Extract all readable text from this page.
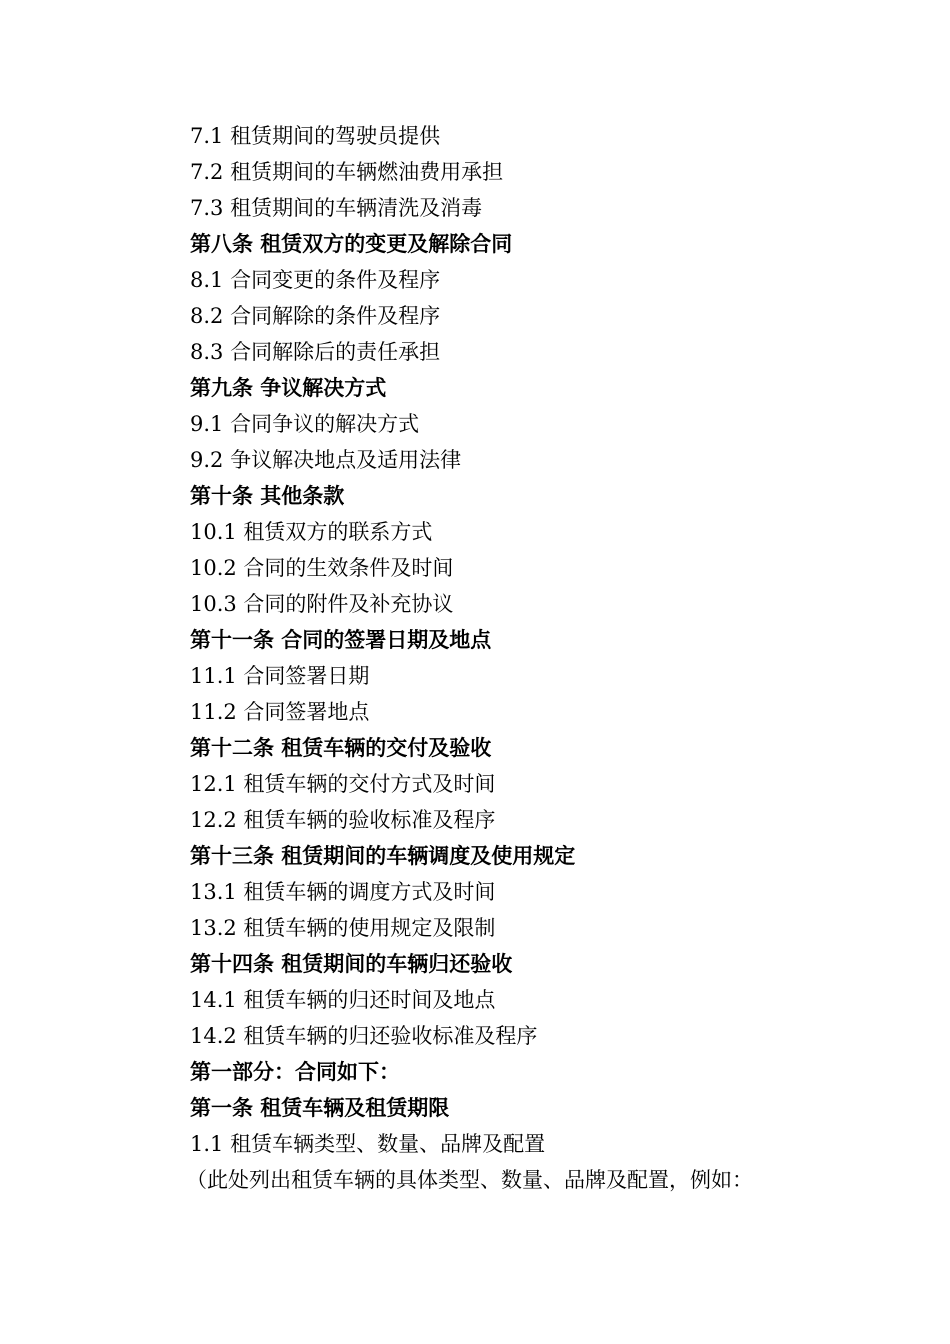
7.1 租赁期间的驾驶员提供
7.2 租赁期间的车辆燃油费用承担
7.3 租赁期间的车辆清洗及消毒
第八条 租赁双方的变更及解除合同
8.1 合同变更的条件及程序
8.2 合同解除的条件及程序
8.3 合同解除后的责任承担
第九条 争议解决方式
9.1 合同争议的解决方式
9.2 争议解决地点及适用法律
第十条 其他条款
10.1 租赁双方的联系方式
10.2 合同的生效条件及时间
10.3 合同的附件及补充协议
第十一条 合同的签署日期及地点
11.1 合同签署日期
11.2 合同签署地点
第十二条 租赁车辆的交付及验收
12.1 租赁车辆的交付方式及时间
12.2 租赁车辆的验收标准及程序
第十三条 租赁期间的车辆调度及使用规定
13.1 租赁车辆的调度方式及时间
13.2 租赁车辆的使用规定及限制
第十四条 租赁期间的车辆归还验收
14.1 租赁车辆的归还时间及地点
14.2 租赁车辆的归还验收标准及程序
第一部分：合同如下：
第一条 租赁车辆及租赁期限
1.1 租赁车辆类型、数量、品牌及配置
（此处列出租赁车辆的具体类型、数量、品牌及配置，例如：
